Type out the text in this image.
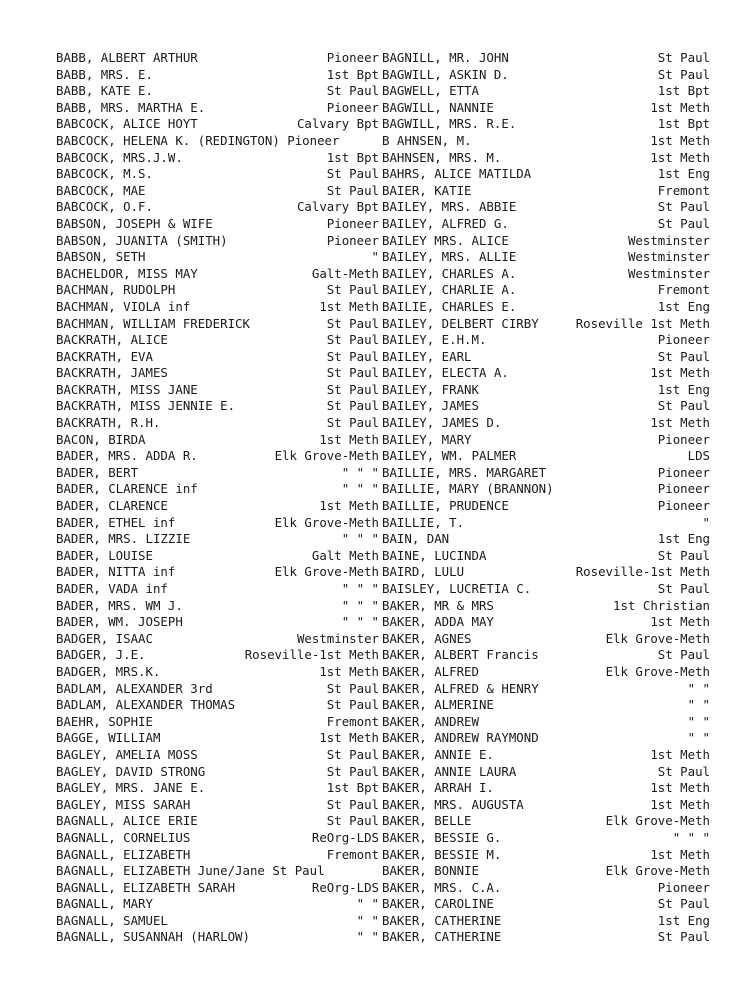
BABB, ALBERT ARTHUR	Pioneer
BABB, MRS. E.	1st Bpt
BABB, KATE E.	St Paul
BABB, MRS. MARTHA E.	Pioneer
BABCOCK, ALICE HOYT	Calvary Bpt
BABCOCK, HELENA K. (REDINGTON) Pioneer
BABCOCK, MRS.J.W.	1st Bpt
BABCOCK, M.S.	St Paul
BABCOCK, MAE	St Paul
BABCOCK, O.F.	Calvary Bpt
BABSON, JOSEPH & WIFE	Pioneer
BABSON, JUANITA (SMITH)	Pioneer
BABSON, SETH	"
BACHELDOR, MISS MAY	Galt-Meth
BACHMAN, RUDOLPH	St Paul
BACHMAN, VIOLA inf	1st Meth
BACHMAN, WILLIAM FREDERICK	St Paul
BACKRATH, ALICE	St Paul
BACKRATH, EVA	St Paul
BACKRATH, JAMES	St Paul
BACKRATH, MISS JANE	St Paul
BACKRATH, MISS JENNIE E.	St Paul
BACKRATH, R.H.	St Paul
BACON, BIRDA	1st Meth
BADER, MRS. ADDA R.	Elk Grove-Meth
BADER, BERT	" " "
BADER, CLARENCE inf	" " "
BADER, CLARENCE	1st Meth
BADER, ETHEL inf	Elk Grove-Meth
BADER, MRS. LIZZIE	" " "
BADER, LOUISE	Galt Meth
BADER, NITTA inf	Elk Grove-Meth
BADER, VADA inf	" " "
BADER, MRS. WM J.	" " "
BADER, WM. JOSEPH	" " "
BADGER, ISAAC	Westminster
BADGER, J.E.	Roseville-1st Meth
BADGER, MRS.K.	1st Meth
BADLAM, ALEXANDER 3rd	St Paul
BADLAM, ALEXANDER THOMAS	St Paul
BAEHR, SOPHIE	Fremont
BAGGE, WILLIAM	1st Meth
BAGLEY, AMELIA MOSS	St Paul
BAGLEY, DAVID STRONG	St Paul
BAGLEY, MRS. JANE E.	1st Bpt
BAGLEY, MISS SARAH	St Paul
BAGNALL, ALICE ERIE	St Paul
BAGNALL, CORNELIUS	ReOrg-LDS
BAGNALL, ELIZABETH	Fremont
BAGNALL, ELIZABETH June/Jane St Paul
BAGNALL, ELIZABETH SARAH	ReOrg-LDS
BAGNALL, MARY	" "
BAGNALL, SAMUEL	" "
BAGNALL, SUSANNAH (HARLOW)	" "
BAGNILL, MR. JOHN	St Paul
BAGWILL, ASKIN D.	St Paul
BAGWELL, ETTA	1st Bpt
BAGWILL, NANNIE	1st Meth
BAGWILL, MRS. R.E.	1st Bpt
B AHNSEN, M.	1st Meth
BAHNSEN, MRS. M.	1st Meth
BAHRS, ALICE MATILDA	1st Eng
BAIER, KATIE	Fremont
BAILEY, MRS. ABBIE	St Paul
BAILEY, ALFRED G.	St Paul
BAILEY MRS. ALICE	Westminster
BAILEY, MRS. ALLIE	Westminster
BAILEY, CHARLES A.	Westminster
BAILEY, CHARLIE A.	Fremont
BAILIE, CHARLES E.	1st Eng
BAILEY, DELBERT CIRBY	Roseville 1st Meth
BAILEY, E.H.M.	Pioneer
BAILEY, EARL	St Paul
BAILEY, ELECTA A.	1st Meth
BAILEY, FRANK	1st Eng
BAILEY, JAMES	St Paul
BAILEY, JAMES D.	1st Meth
BAILEY, MARY	Pioneer
BAILEY, WM. PALMER	LDS
BAILLIE, MRS. MARGARET	Pioneer
BAILLIE, MARY (BRANNON)	Pioneer
BAILLIE, PRUDENCE	Pioneer
BAILLIE, T.	"
BAIN, DAN	1st Eng
BAINE, LUCINDA	St Paul
BAIRD, LULU	Roseville-1st Meth
BAISLEY, LUCRETIA C.	St Paul
BAKER, MR & MRS	1st Christian
BAKER, ADDA MAY	1st Meth
BAKER, AGNES	Elk Grove-Meth
BAKER, ALBERT Francis	St Paul
BAKER, ALFRED	Elk Grove-Meth
BAKER, ALFRED & HENRY	" "
BAKER, ALMERINE	" "
BAKER, ANDREW	" "
BAKER, ANDREW RAYMOND	" "
BAKER, ANNIE E.	1st Meth
BAKER, ANNIE LAURA	St Paul
BAKER, ARRAH I.	1st Meth
BAKER, MRS. AUGUSTA	1st Meth
BAKER, BELLE	Elk Grove-Meth
BAKER, BESSIE G.	" " "
BAKER, BESSIE M.	1st Meth
BAKER, BONNIE	Elk Grove-Meth
BAKER, MRS. C.A.	Pioneer
BAKER, CAROLINE	St Paul
BAKER, CATHERINE	1st Eng
BAKER, CATHERINE	St Paul
